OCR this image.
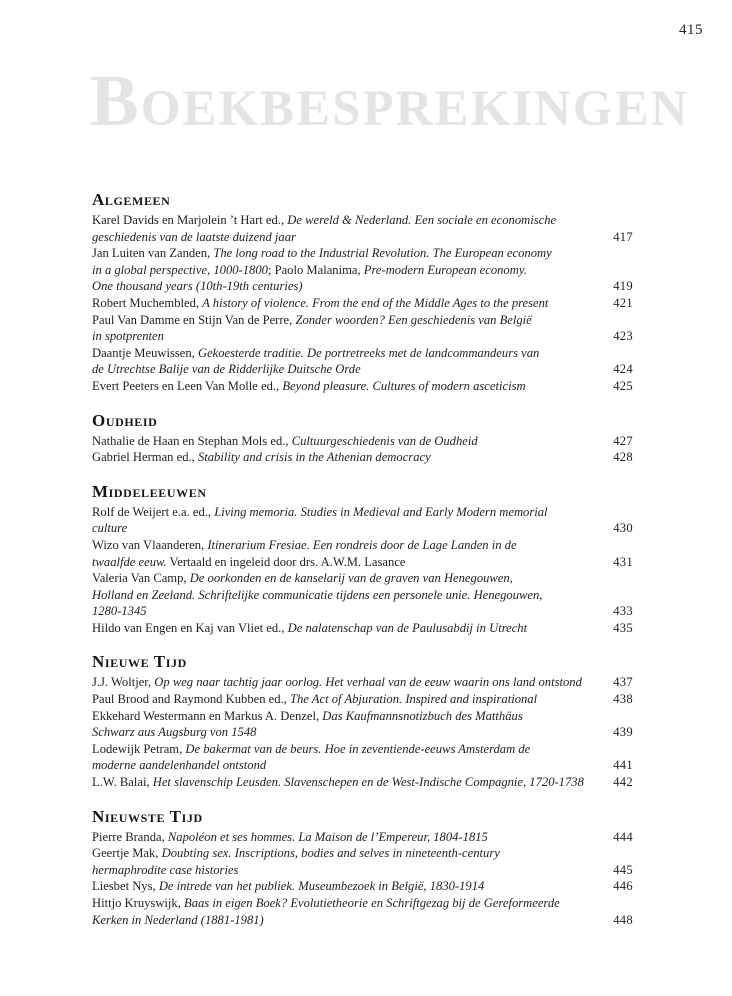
415
Boekbesprekingen
Algemeen
Karel Davids en Marjolein ’t Hart ed., De wereld & Nederland. Een sociale en economische
geschiedenis van de laatste duizend jaar	417
Jan Luiten van Zanden, The long road to the Industrial Revolution. The European economy
in a global perspective, 1000-1800; Paolo Malanima, Pre-modern European economy.
One thousand years (10th-19th centuries)	419
Robert Muchembled, A history of violence. From the end of the Middle Ages to the present	421
Paul Van Damme en Stijn Van de Perre, Zonder woorden? Een geschiedenis van België
in spotprenten	423
Daantje Meuwissen, Gekoesterde traditie. De portretreeks met de landcommandeurs van
de Utrechtse Balije van de Ridderlijke Duitsche Orde	424
Evert Peeters en Leen Van Molle ed., Beyond pleasure. Cultures of modern asceticism	425
Oudheid
Nathalie de Haan en Stephan Mols ed., Cultuurgeschiedenis van de Oudheid	427
Gabriel Herman ed., Stability and crisis in the Athenian democracy	428
Middeleeuwen
Rolf de Weijert e.a. ed., Living memoria. Studies in Medieval and Early Modern memorial
culture	430
Wizo van Vlaanderen, Itinerarium Fresiae. Een rondreis door de Lage Landen in de
twaalfde eeuw. Vertaald en ingeleid door drs. A.W.M. Lasance	431
Valeria Van Camp, De oorkonden en de kanselarij van de graven van Henegouwen,
Holland en Zeeland. Schriftelijke communicatie tijdens een personele unie. Henegouwen,
1280-1345	433
Hildo van Engen en Kaj van Vliet ed., De nalatenschap van de Paulusabdij in Utrecht	435
Nieuwe Tijd
J.J. Woltjer, Op weg naar tachtig jaar oorlog. Het verhaal van de eeuw waarin ons land ontstond	437
Paul Brood and Raymond Kubben ed., The Act of Abjuration. Inspired and inspirational	438
Ekkehard Westermann en Markus A. Denzel, Das Kaufmannsnotizbuch des Matthäus
Schwarz aus Augsburg von 1548	439
Lodewijk Petram, De bakermat van de beurs. Hoe in zeventiende-eeuws Amsterdam de
moderne aandelenhandel ontstond	441
L.W. Balai, Het slavenschip Leusden. Slavenschepen en de West-Indische Compagnie, 1720-1738	442
Nieuwste Tijd
Pierre Branda, Napoléon et ses hommes. La Maison de l’Empereur, 1804-1815	444
Geertje Mak, Doubting sex. Inscriptions, bodies and selves in nineteenth-century
hermaphrodite case histories	445
Liesbet Nys, De intrede van het publiek. Museumbezoek in België, 1830-1914	446
Hittjo Kruyswijk, Baas in eigen Boek? Evolutietheorie en Schriftgezag bij de Gereformeerde
Kerken in Nederland (1881-1981)	448
